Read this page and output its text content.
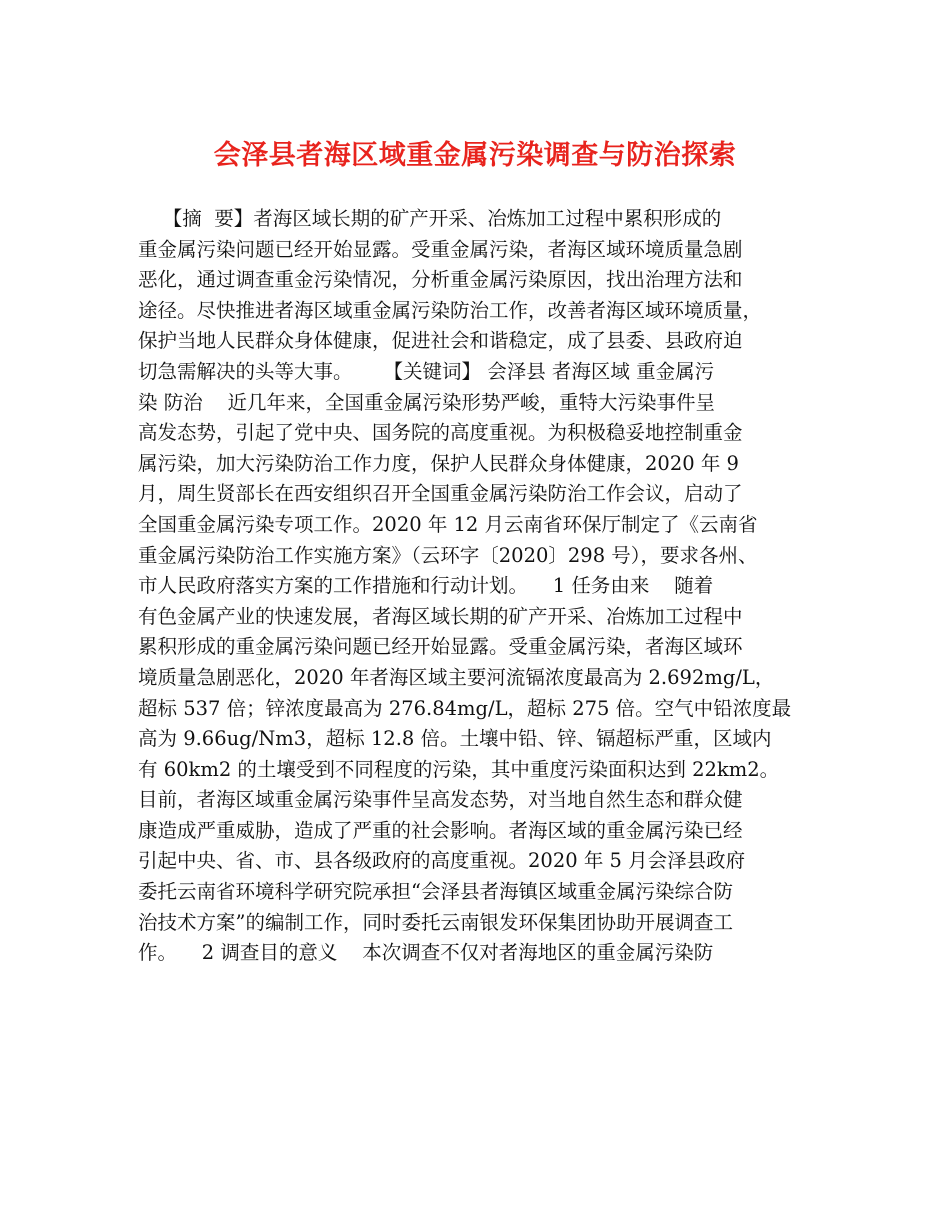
会泽县者海区域重金属污染调查与防治探索
【摘  要】者海区域长期的矿产开采、冶炼加工过程中累积形成的
重金属污染问题已经开始显露。受重金属污染，者海区域环境质量急剧
恶化，通过调查重金污染情况，分析重金属污染原因，找出治理方法和
途径。尽快推进者海区域重金属污染防治工作，改善者海区域环境质量，
保护当地人民群众身体健康，促进社会和谐稳定，成了县委、县政府迫
切急需解决的头等大事。     【关键词】 会泽县 者海区域 重金属污
染 防治    近几年来，全国重金属污染形势严峻，重特大污染事件呈
高发态势，引起了党中央、国务院的高度重视。为积极稳妥地控制重金
属污染，加大污染防治工作力度，保护人民群众身体健康，2020 年 9
月，周生贤部长在西安组织召开全国重金属污染防治工作会议，启动了
全国重金属污染专项工作。2020 年 12 月云南省环保厅制定了《云南省
重金属污染防治工作实施方案》（云环字〔2020〕298 号），要求各州、
市人民政府落实方案的工作措施和行动计划。    1 任务由来    随着
有色金属产业的快速发展，者海区域长期的矿产开采、冶炼加工过程中
累积形成的重金属污染问题已经开始显露。受重金属污染，者海区域环
境质量急剧恶化，2020 年者海区域主要河流镉浓度最高为 2.692mg/L，
超标 537 倍；锌浓度最高为 276.84mg/L，超标 275 倍。空气中铅浓度最
高为 9.66ug/Nm3，超标 12.8 倍。土壤中铅、锌、镉超标严重，区域内
有 60km2 的土壤受到不同程度的污染，其中重度污染面积达到 22km2。
目前，者海区域重金属污染事件呈高发态势，对当地自然生态和群众健
康造成严重威胁，造成了严重的社会影响。者海区域的重金属污染已经
引起中央、省、市、县各级政府的高度重视。2020 年 5 月会泽县政府
委托云南省环境科学研究院承担“会泽县者海镇区域重金属污染综合防
治技术方案”的编制工作，同时委托云南银发环保集团协助开展调查工
作。    2 调查目的意义    本次调查不仅对者海地区的重金属污染防
